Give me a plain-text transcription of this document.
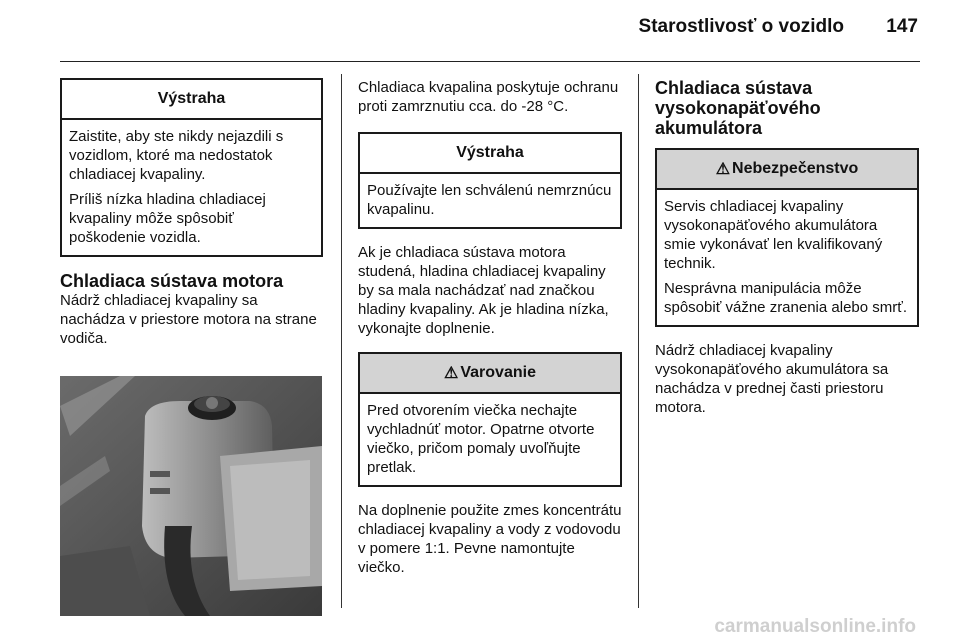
Starostlivosť o vozidlo 147
Výstraha

Zaistite, aby ste nikdy nejazdili s vozidlom, ktoré ma nedostatok chladiacej kvapaliny.

Príliš nízka hladina chladiacej kvapaliny môže spôsobiť poškodenie vozidla.

Chladiaca sústava motora

Nádrž chladiacej kvapaliny sa nachádza v priestore motora na strane vodiča.

Chladiaca kvapalina poskytuje ochranu proti zamrznutiu cca. do -28 °C.

Výstraha

Používajte len schválenú nemrznúcu kvapalinu.

Ak je chladiaca sústava motora studená, hladina chladiacej kvapaliny by sa mala nachádzať nad značkou hladiny kvapaliny. Ak je hladina nízka, vykonajte doplnenie.

⚠ Varovanie

Pred otvorením viečka nechajte vychladnúť motor. Opatrne otvorte viečko, pričom pomaly uvoľňujte pretlak.

Na doplnenie použite zmes koncentrátu chladiacej kvapaliny a vody z vodovodu v pomere 1:1. Pevne namontujte viečko.

Chladiaca sústava vysokonapäťového akumulátora
⚠ Nebezpečenstvo

Servis chladiacej kvapaliny vysokonapäťového akumulátora smie vykonávať len kvalifikovaný technik.

Nesprávna manipulácia môže spôsobiť vážne zranenia alebo smrť.

Nádrž chladiacej kvapaliny vysokonapäťového akumulátora sa nachádza v prednej časti priestoru motora.

carmanualsonline.info
